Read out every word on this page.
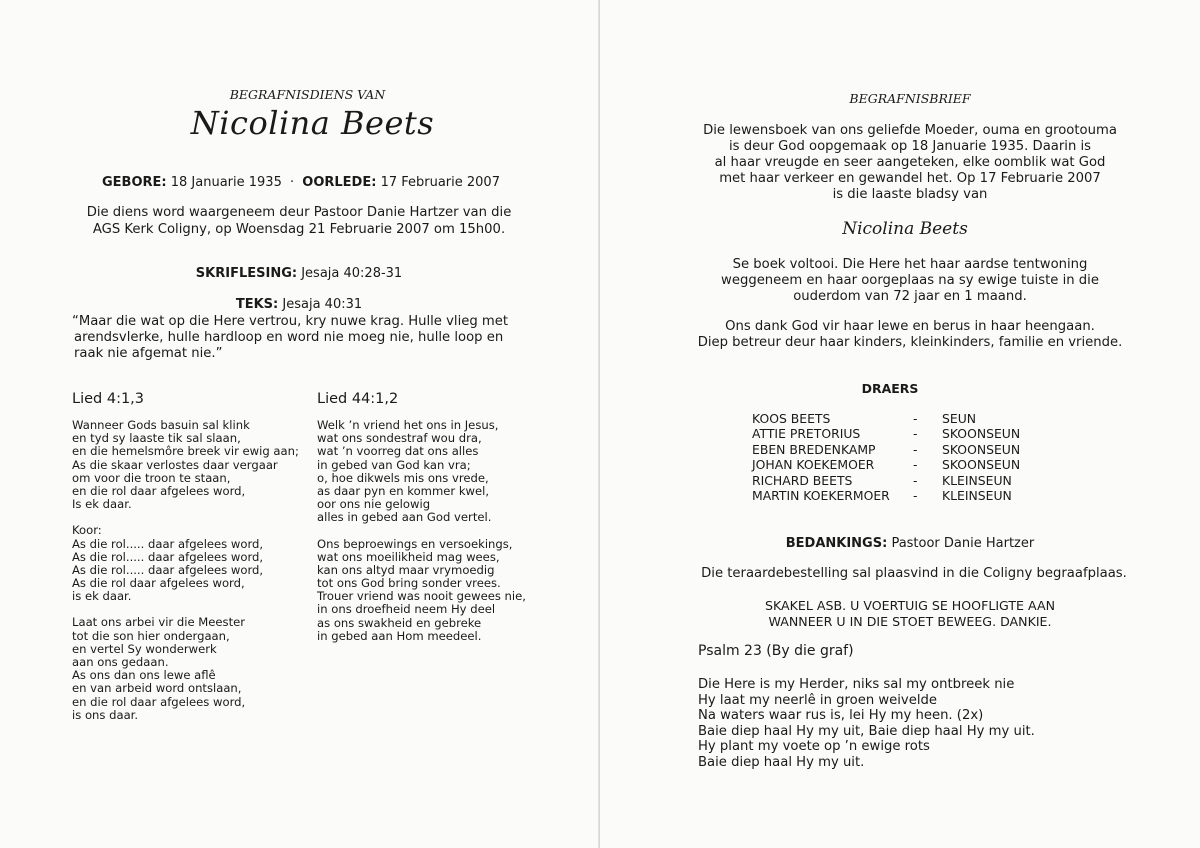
BEGRAFNISDIENS VAN
Nicolina Beets
GEBORE: 18 Januarie 1935 · OORLEDE: 17 Februarie 2007
Die diens word waargeneem deur Pastoor Danie Hartzer van die
AGS Kerk Coligny, op Woensdag 21 Februarie 2007 om 15h00.
SKRIFLESING: Jesaja 40:28-31
TEKS: Jesaja 40:31
“Maar die wat op die Here vertrou, kry nuwe krag. Hulle vlieg met
arendsvlerke, hulle hardloop en word nie moeg nie, hulle loop en
raak nie afgemat nie.”
Lied 4:1,3
Wanneer Gods basuin sal klink
en tyd sy laaste tik sal slaan,
en die hemelsmôre breek vir ewig aan;
As die skaar verlostes daar vergaar
om voor die troon te staan,
en die rol daar afgelees word,
Is ek daar.
Koor:
As die rol..... daar afgelees word,
As die rol..... daar afgelees word,
As die rol..... daar afgelees word,
As die rol daar afgelees word,
is ek daar.
Laat ons arbei vir die Meester
tot die son hier ondergaan,
en vertel Sy wonderwerk
aan ons gedaan.
As ons dan ons lewe aflê
en van arbeid word ontslaan,
en die rol daar afgelees word,
is ons daar.
Lied 44:1,2
Welk ’n vriend het ons in Jesus,
wat ons sondestraf wou dra,
wat ’n voorreg dat ons alles
in gebed van God kan vra;
o, hoe dikwels mis ons vrede,
as daar pyn en kommer kwel,
oor ons nie gelowig
alles in gebed aan God vertel.
Ons beproewings en versoekings,
wat ons moeilikheid mag wees,
kan ons altyd maar vrymoedig
tot ons God bring sonder vrees.
Trouer vriend was nooit gewees nie,
in ons droefheid neem Hy deel
as ons swakheid en gebreke
in gebed aan Hom meedeel.
BEGRAFNISBRIEF
Die lewensboek van ons geliefde Moeder, ouma en grootouma
is deur God oopgemaak op 18 Januarie 1935. Daarin is
al haar vreugde en seer aangeteken, elke oomblik wat God
met haar verkeer en gewandel het. Op 17 Februarie 2007
is die laaste bladsy van
Nicolina Beets
Se boek voltooi. Die Here het haar aardse tentwoning
weggeneem en haar oorgeplaas na sy ewige tuiste in die
ouderdom van 72 jaar en 1 maand.
Ons dank God vir haar lewe en berus in haar heengaan.
Diep betreur deur haar kinders, kleinkinders, familie en vriende.
DRAERS
KOOS BEETS	-	SEUN
ATTIE PRETORIUS	-	SKOONSEUN
EBEN BREDENKAMP	-	SKOONSEUN
JOHAN KOEKEMOER	-	SKOONSEUN
RICHARD BEETS	-	KLEINSEUN
MARTIN KOEKERMOER	-	KLEINSEUN
BEDANKINGS: Pastoor Danie Hartzer
Die teraardebestelling sal plaasvind in die Coligny begraafplaas.
SKAKEL ASB. U VOERTUIG SE HOOFLIGTE AAN
WANNEER U IN DIE STOET BEWEEG. DANKIE.
Psalm 23 (By die graf)
Die Here is my Herder, niks sal my ontbreek nie
Hy laat my neerlê in groen weivelde
Na waters waar rus is, lei Hy my heen. (2x)
Baie diep haal Hy my uit, Baie diep haal Hy my uit.
Hy plant my voete op ’n ewige rots
Baie diep haal Hy my uit.
